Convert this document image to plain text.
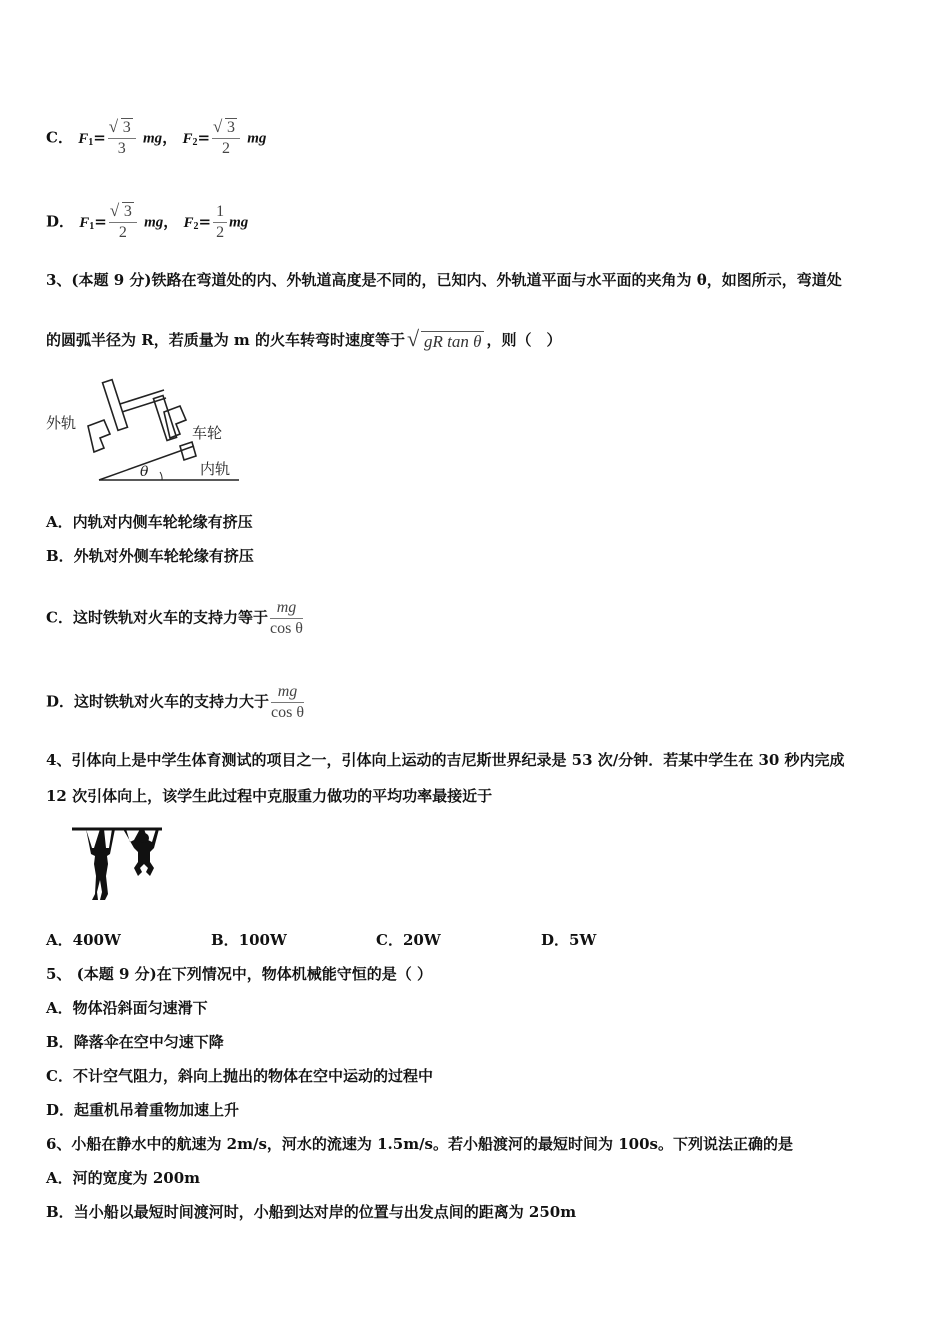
C． $F_1=$ √ $\frac{3}{3}$ mg， $F_2=$ √ $\frac{3}{2}$ mg
D． $F_1=$ √ $\frac{3}{2}$ mg， $F_2= \frac{1}{2}$ mg
3、(本题 9 分)铁路在弯道处的内、外轨道高度是不同的，已知内、外轨道平面与水平面的夹角为 θ，如图所示，弯道处
的圆弧半径为 R，若质量为 m 的火车转弯时速度等于 √ gR tan θ ，则（　）
外轨
车轮
内轨
θ
A．内轨对内侧车轮轮缘有挤压
B．外轨对外侧车轮轮缘有挤压
C．这时铁轨对火车的支持力等于 $\frac{mg}{\text{cos θ}}$
D．这时铁轨对火车的支持力大于 $\frac{mg}{\text{cos θ}}$
4、引体向上是中学生体育测试的项目之一，引体向上运动的吉尼斯世界纪录是 53 次/分钟．若某中学生在 30 秒内完成
12 次引体向上，该学生此过程中克服重力做功的平均功率最接近于
A．400W	B．100W	C．20W	D．5W
5、 (本题 9 分)在下列情况中，物体机械能守恒的是（ ）
A．物体沿斜面匀速滑下
B．降落伞在空中匀速下降
C．不计空气阻力，斜向上抛出的物体在空中运动的过程中
D．起重机吊着重物加速上升
6、小船在静水中的航速为 2m/s，河水的流速为 1.5m/s。若小船渡河的最短时间为 100s。下列说法正确的是
A．河的宽度为 200m
B．当小船以最短时间渡河时，小船到达对岸的位置与出发点间的距离为 250m
